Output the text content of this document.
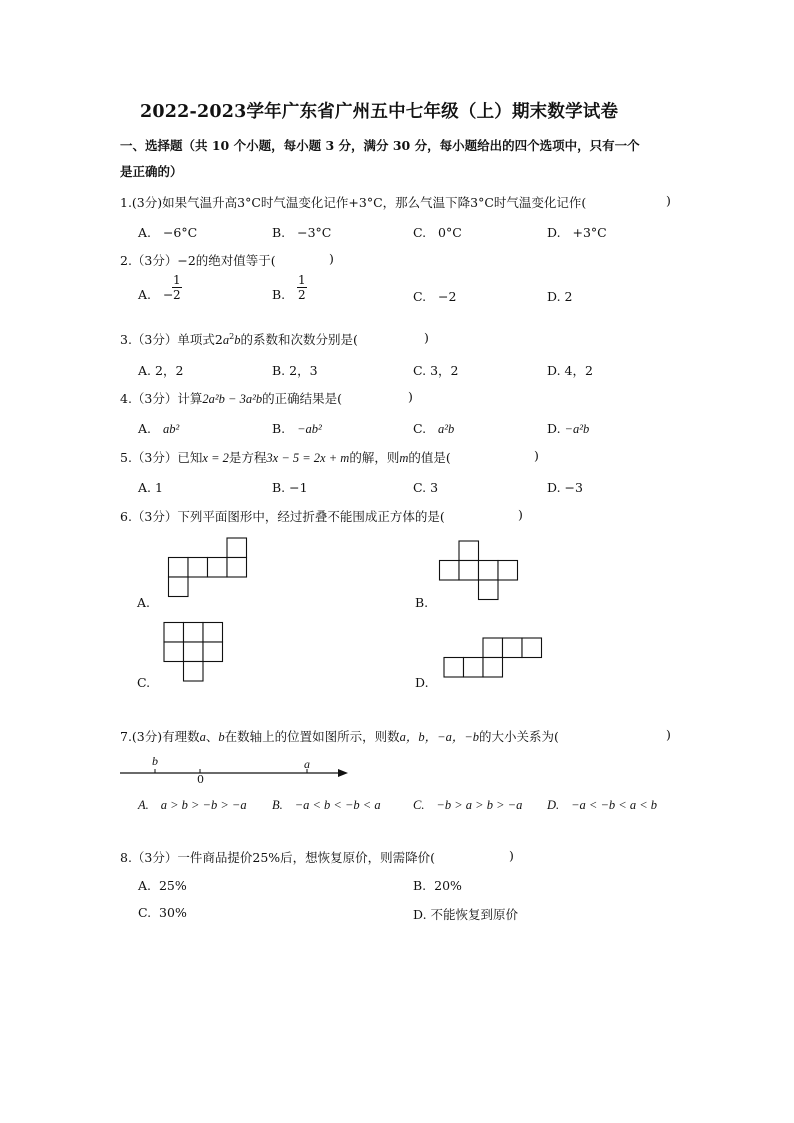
2022-2023学年广东省广州五中七年级（上）期末数学试卷
一、选择题（共 10 个小题，每小题 3 分，满分 30 分，每小题给出的四个选项中，只有一个
是正确的）
1.(3分)如果气温升高3°C时气温变化记作+3°C，那么气温下降3°C时气温变化记作(	)
A. −6°C	B. −3°C	C. 0°C	D. +3°C
2.（3分）−2的绝对值等于(	)
A. −
$\frac{1}{2}$	B. $\frac{1}{2}$	C. −2	D. 2
3.（3分）单项式$2a^2b$的系数和次数分别是(	)
A. 2，2	B. 2，3	C. 3，2	D. 4，2
4.（3分）计算2a²b − 3a²b的正确结果是(	)
A. ab²	B. −ab²	C. a²b	D. −a²b
5.（3分）已知x = 2是方程3x − 5 = 2x + m的解，则m的值是(	)
A. 1	B. −1	C. 3	D. −3
6.（3分）下列平面图形中，经过折叠不能围成正方体的是(	)
A.	B.
C.	D.
7.(3分)有理数a、b在数轴上的位置如图所示，则数a，b，−a，−b的大小关系为(	)
b
0
a
A. a > b > −b > −a B. −a < b < −b < a	C. −b > a > b > −a D. −a < −b < a < b
8.（3分）一件商品提价25%后，想恢复原价，则需降价(	)
A. 25%	B. 20%
C. 30%	D. 不能恢复到原价
